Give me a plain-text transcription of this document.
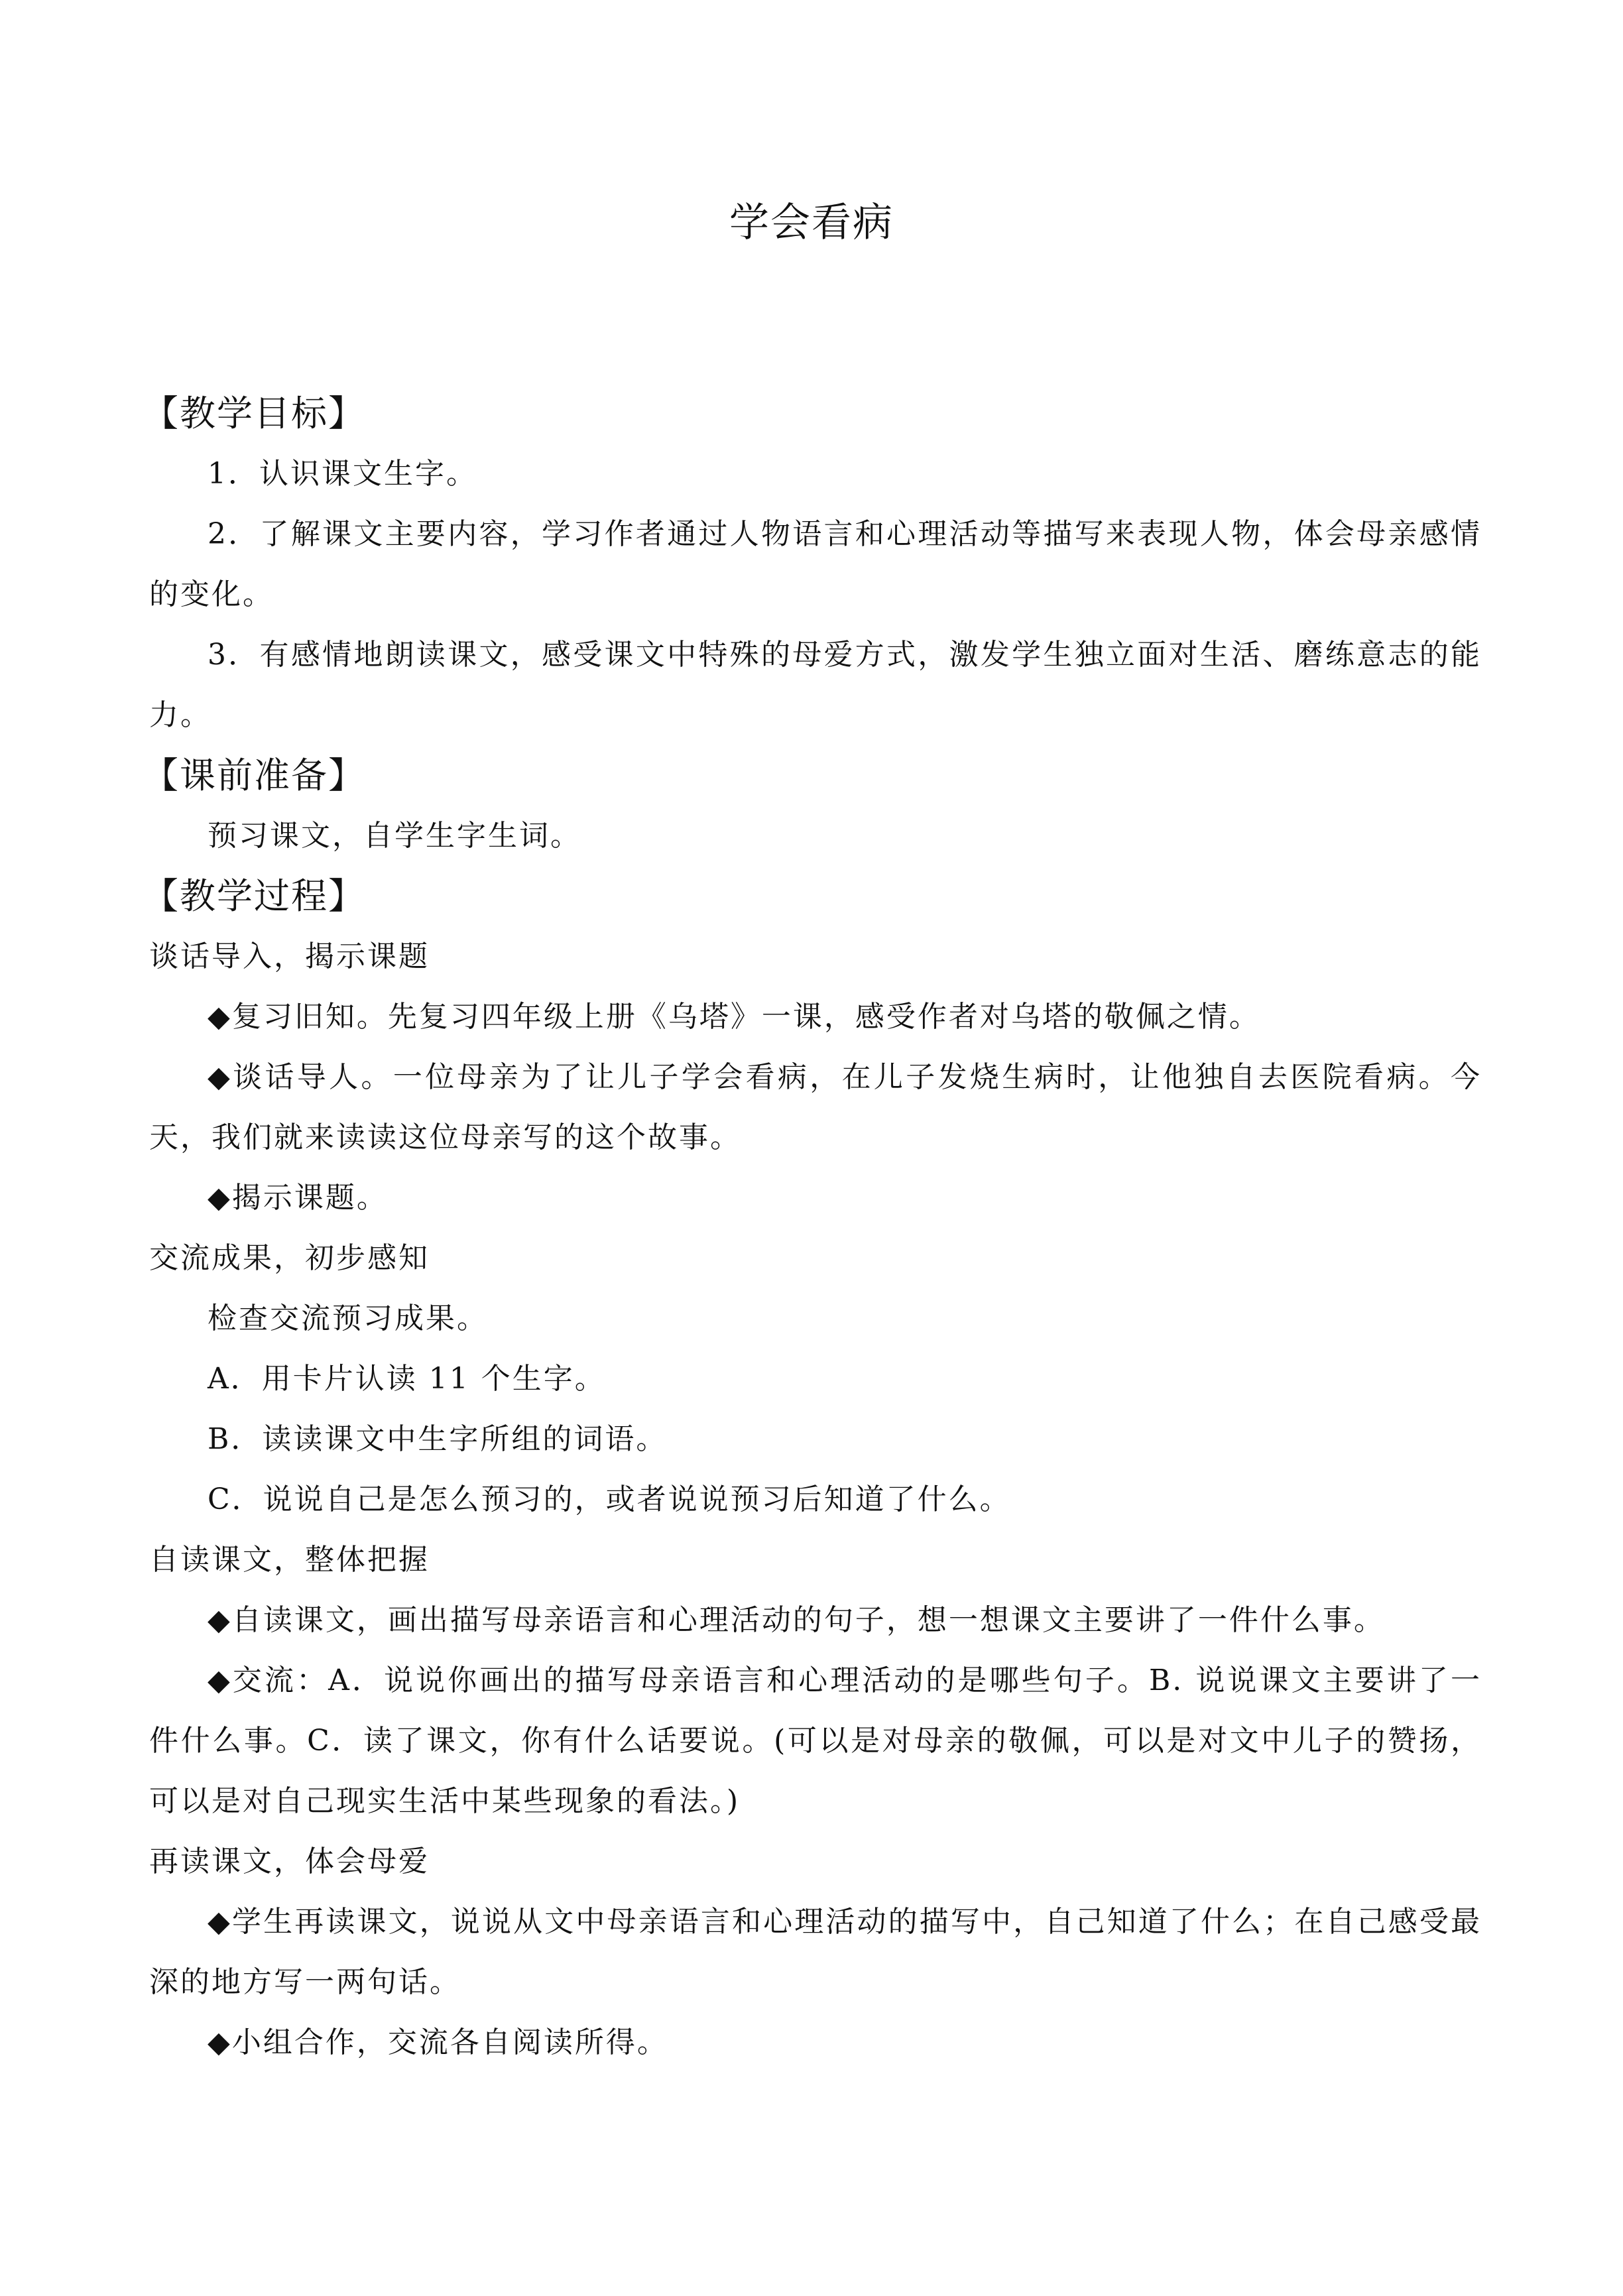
学会看病
【教学目标】

1．认识课文生字。

2．了解课文主要内容，学习作者通过人物语言和心理活动等描写来表现人物，体会母亲感情的变化。

3．有感情地朗读课文，感受课文中特殊的母爱方式，激发学生独立面对生活、磨练意志的能力。

【课前准备】

预习课文，自学生字生词。

【教学过程】

谈话导入，揭示课题

◆复习旧知。先复习四年级上册《乌塔》一课，感受作者对乌塔的敬佩之情。

◆谈话导人。一位母亲为了让儿子学会看病，在儿子发烧生病时，让他独自去医院看病。今天，我们就来读读这位母亲写的这个故事。

◆揭示课题。

交流成果，初步感知

检查交流预习成果。

A．用卡片认读 11 个生字。

B．读读课文中生字所组的词语。

C．说说自己是怎么预习的，或者说说预习后知道了什么。

自读课文，整体把握

◆自读课文，画出描写母亲语言和心理活动的句子，想一想课文主要讲了一件什么事。

◆交流：A．说说你画出的描写母亲语言和心理活动的是哪些句子。B. 说说课文主要讲了一件什么事。C．读了课文，你有什么话要说。(可以是对母亲的敬佩，可以是对文中儿子的赞扬，可以是对自己现实生活中某些现象的看法。)

再读课文，体会母爱

◆学生再读课文，说说从文中母亲语言和心理活动的描写中，自己知道了什么；在自己感受最深的地方写一两句话。

◆小组合作，交流各自阅读所得。
